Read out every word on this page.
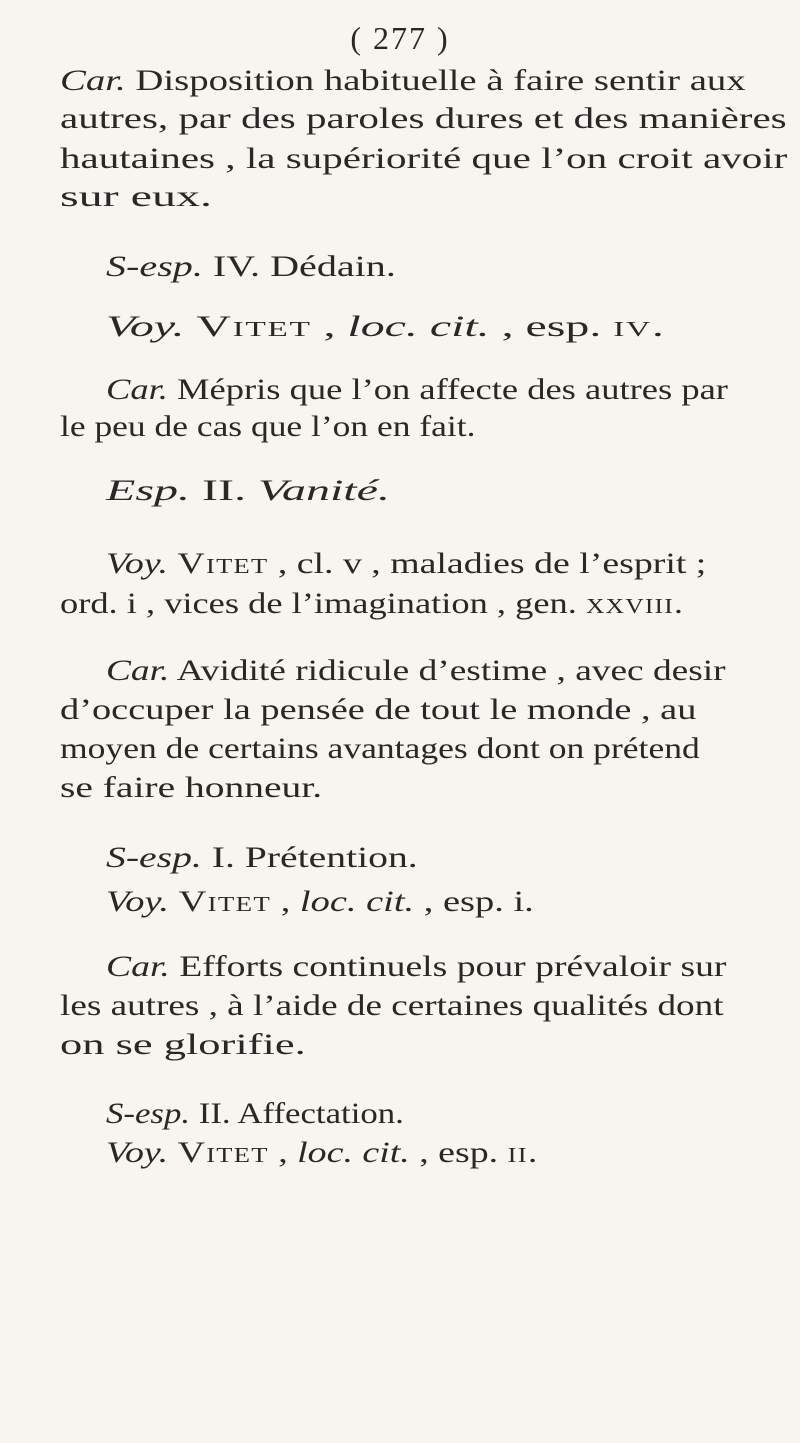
( 277 )
Car. Disposition habituelle à faire sentir aux
autres, par des paroles dures et des manières
hautaines , la supériorité que l’on croit avoir
sur eux.
S-esp. IV. Dédain.
Voy. Vitet , loc. cit. , esp. iv.
Car. Mépris que l’on affecte des autres par
le peu de cas que l’on en fait.
Esp. II. Vanité.
Voy. Vitet , cl. v , maladies de l’esprit ;
ord. i , vices de l’imagination , gen. xxviii.
Car. Avidité ridicule d’estime , avec desir
d’occuper la pensée de tout le monde , au
moyen de certains avantages dont on prétend
se faire honneur.
S-esp. I. Prétention.
Voy. Vitet , loc. cit. , esp. i.
Car. Efforts continuels pour prévaloir sur
les autres , à l’aide de certaines qualités dont
on se glorifie.
S-esp. II. Affectation.
Voy. Vitet , loc. cit. , esp. ii.
